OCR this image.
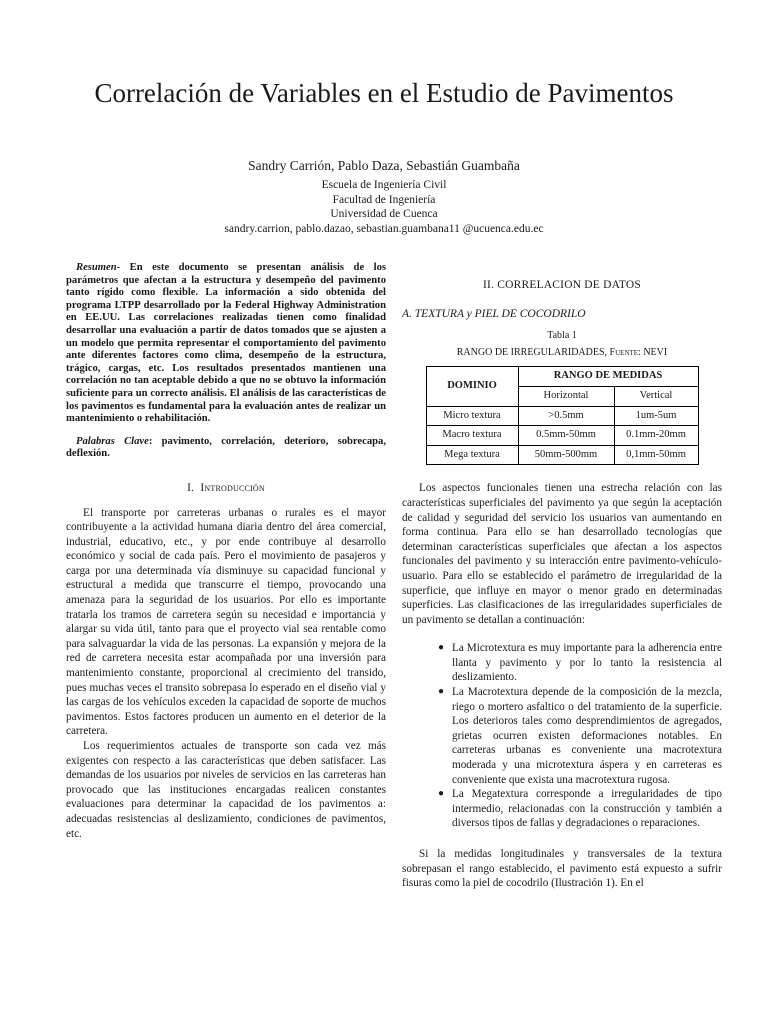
Correlación de Variables en el Estudio de Pavimentos
Sandry Carrión, Pablo Daza, Sebastián Guambaña
Escuela de Ingeniería Civil
Facultad de Ingeniería
Universidad de Cuenca
sandry.carrion, pablo.dazao, sebastian.guambana11 @ucuenca.edu.ec

Resumen- En este documento se presentan análisis de los parámetros que afectan a la estructura y desempeño del pavimento tanto rígido como flexible. La información a sido obtenida del programa LTPP desarrollado por la Federal Highway Administration en EE.UU. Las correlaciones realizadas tienen como finalidad desarrollar una evaluación a partir de datos tomados que se ajusten a un modelo que permita representar el comportamiento del pavimento ante diferentes factores como clima, desempeño de la estructura, trágico, cargas, etc. Los resultados presentados mantienen una correlación no tan aceptable debido a que no se obtuvo la información suficiente para un correcto análisis. El análisis de las características de los pavimentos es fundamental para la evaluación antes de realizar un mantenimiento o rehabilitación.

Palabras Clave: pavimento, correlación, deterioro, sobrecapa, deflexión.

I. Introducción

El transporte por carreteras urbanas o rurales es el mayor contribuyente a la actividad humana diaria dentro del área comercial, industrial, educativo, etc., y por ende contribuye al desarrollo económico y social de cada país. Pero el movimiento de pasajeros y carga por una determinada vía disminuye su capacidad funcional y estructural a medida que transcurre el tiempo, provocando una amenaza para la seguridad de los usuarios. Por ello es importante tratarla los tramos de carretera según su necesidad e importancia y alargar su vida útil, tanto para que el proyecto vial sea rentable como para salvaguardar la vida de las personas. La expansión y mejora de la red de carretera necesita estar acompañada por una inversión para mantenimiento constante, proporcional al crecimiento del transido, pues muchas veces el transito sobrepasa lo esperado en el diseño vial y las cargas de los vehículos exceden la capacidad de soporte de muchos pavimentos. Estos factores producen un aumento en el deterior de la carretera.

Los requerimientos actuales de transporte son cada vez más exigentes con respecto a las características que deben satisfacer. Las demandas de los usuarios por niveles de servicios en las carreteras han provocado que las instituciones encargadas realicen constantes evaluaciones para determinar la capacidad de los pavimentos a: adecuadas resistencias al deslizamiento, condiciones de pavimentos, etc.

II. CORRELACION DE DATOS
A. TEXTURA y PIEL DE COCODRILO
Tabla 1
RANGO DE IRREGULARIDADES, Fuente: NEVI
DOMINIO	RANGO DE MEDIDAS	
	Horizontal	Vertical
Micro textura	>0.5mm	1um-5um
Macro textura	0.5mm-50mm	0.1mm-20mm
Mega textura	50mm-500mm	0,1mm-50mm

Los aspectos funcionales tienen una estrecha relación con las características superficiales del pavimento ya que según la aceptación de calidad y seguridad del servicio los usuarios van aumentando en forma continua. Para ello se han desarrollado tecnologías que determinan características superficiales que afectan a los aspectos funcionales del pavimento y su interacción entre pavimento-vehículo-usuario. Para ello se establecido el parámetro de irregularidad de la superficie, que influye en mayor o menor grado en determinadas superficies. Las clasificaciones de las irregularidades superficiales de un pavimento se detallan a continuación:

● La Microtextura es muy importante para la adherencia entre llanta y pavimento y por lo tanto la resistencia al deslizamiento.
● La Macrotextura depende de la composición de la mezcla, riego o mortero asfaltico o del tratamiento de la superficie. Los deterioros tales como desprendimientos de agregados, grietas ocurren existen deformaciones notables. En carreteras urbanas es conveniente una macrotextura moderada y una microtextura áspera y en carreteras es conveniente que exista una macrotextura rugosa.
● La Megatextura corresponde a irregularidades de tipo intermedio, relacionadas con la construcción y también a diversos tipos de fallas y degradaciones o reparaciones.

Si la medidas longitudinales y transversales de la textura sobrepasan el rango establecido, el pavimento está expuesto a sufrir fisuras como la piel de cocodrilo (Ilustración 1). En el
